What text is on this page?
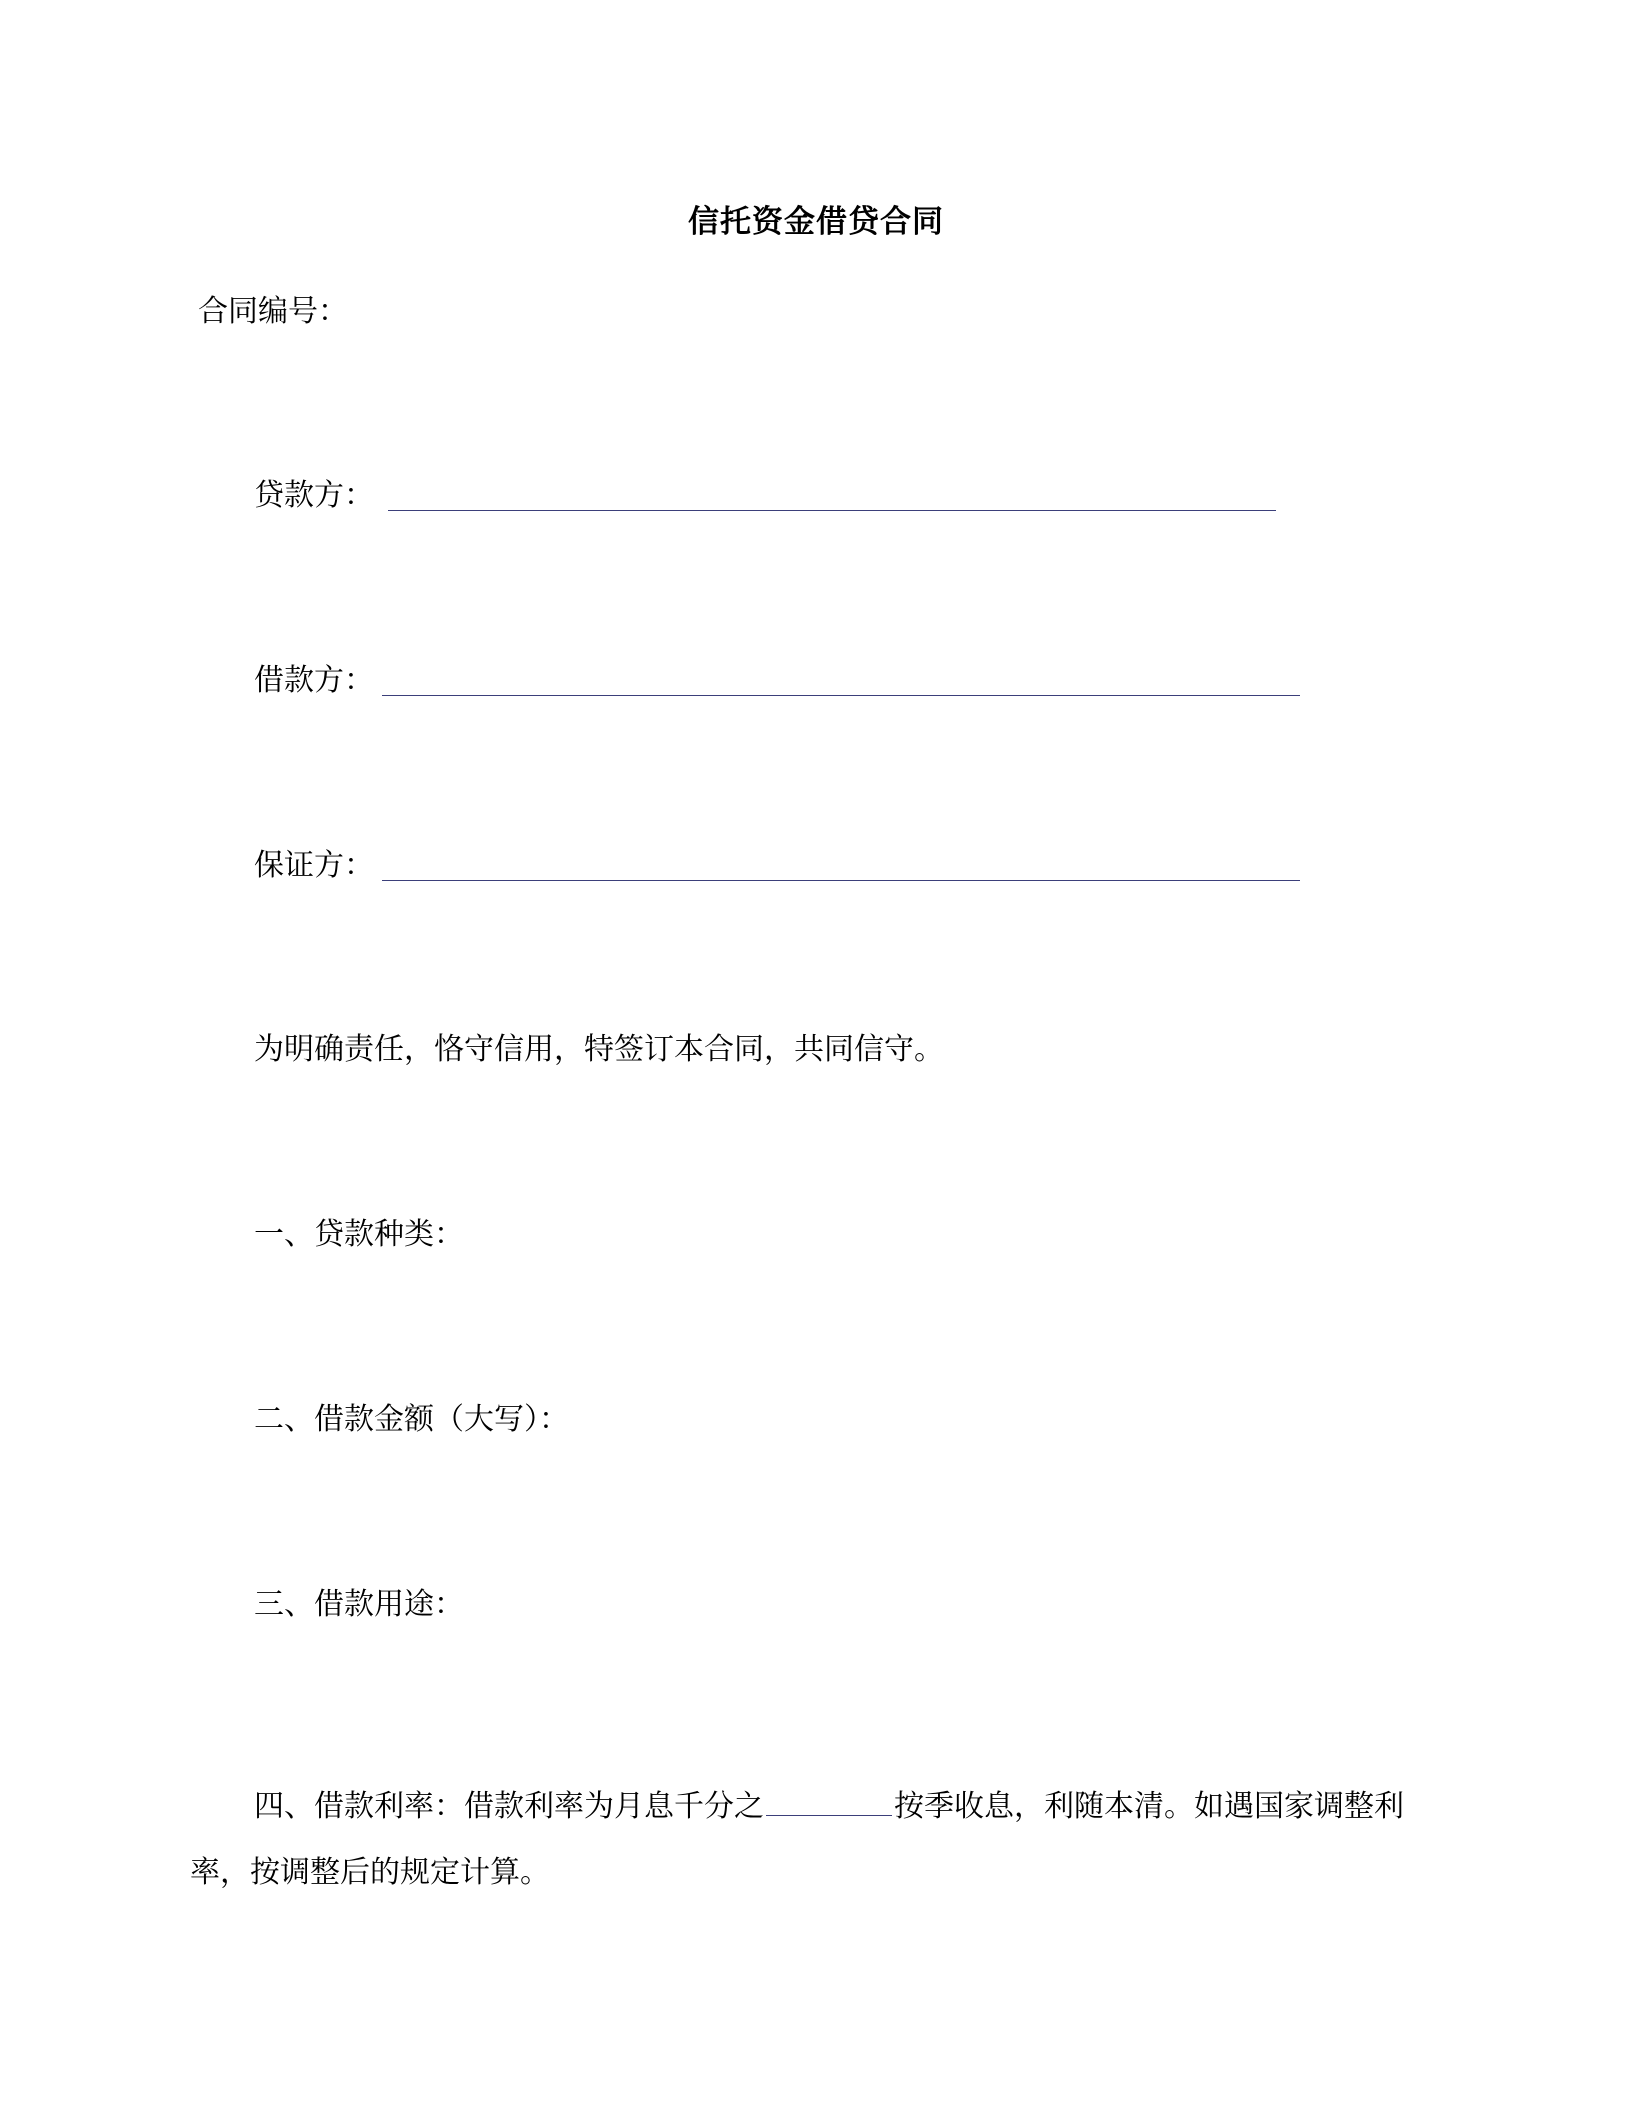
信托资金借贷合同
合同编号：
贷款方：
借款方：
保证方：
为明确责任，恪守信用，特签订本合同，共同信守。
一、贷款种类：
二、借款金额（大写）：
三、借款用途：
四、借款利率：借款利率为月息千分之	按季收息，利随本清。如遇国家调整利率，按调整后的规定计算。
